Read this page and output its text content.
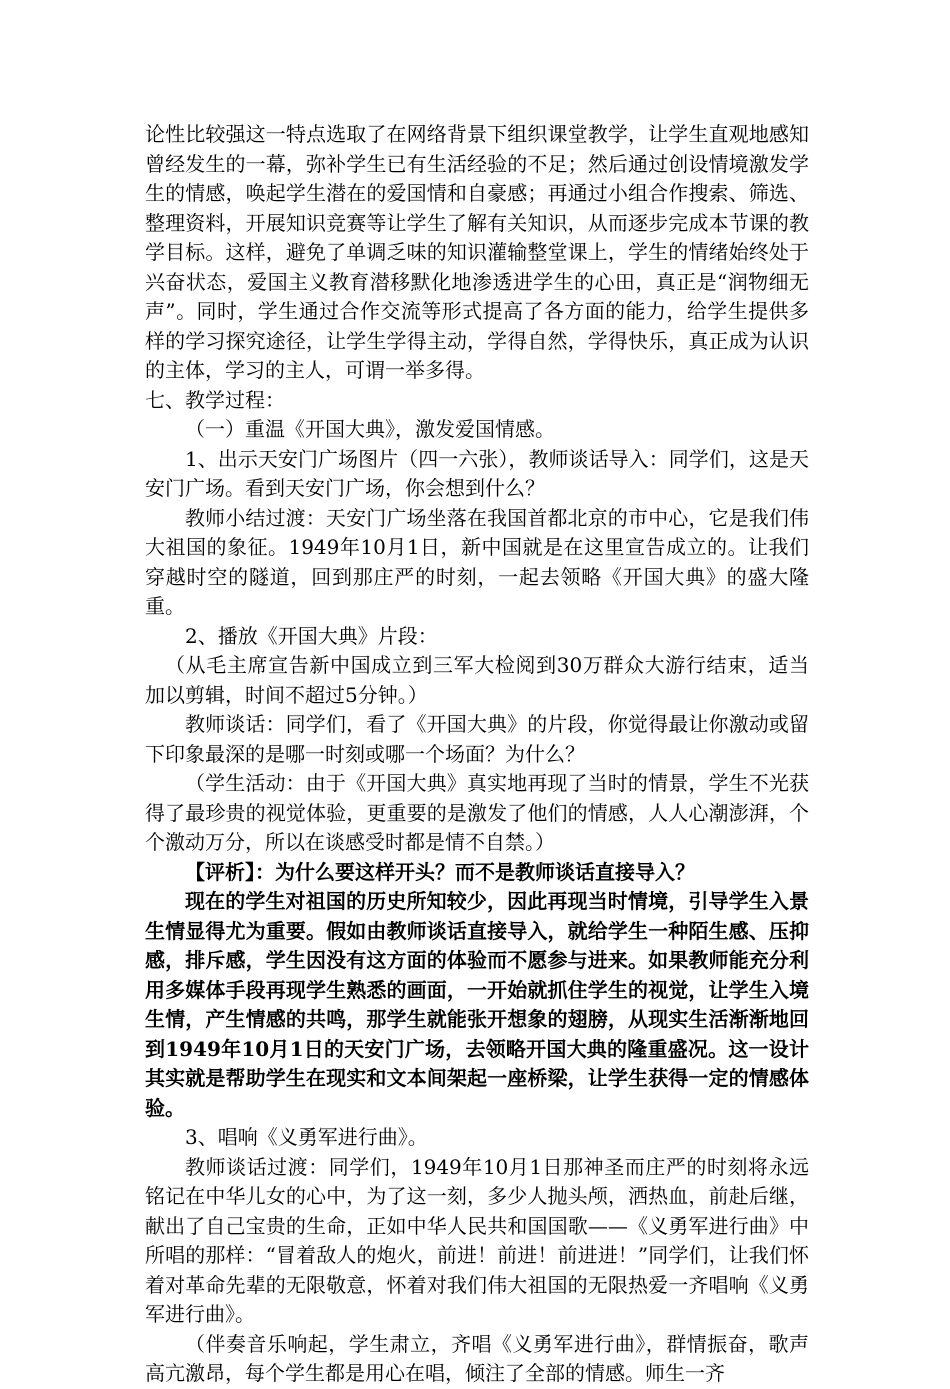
论性比较强这一特点选取了在网络背景下组织课堂教学，让学生直观地感知曾经发生的一幕，弥补学生已有生活经验的不足；然后通过创设情境激发学生的情感，唤起学生潜在的爱国情和自豪感；再通过小组合作搜索、筛选、整理资料，开展知识竞赛等让学生了解有关知识，从而逐步完成本节课的教学目标。这样，避免了单调乏味的知识灌输整堂课上，学生的情绪始终处于兴奋状态，爱国主义教育潜移默化地渗透进学生的心田，真正是“润物细无声”。同时，学生通过合作交流等形式提高了各方面的能力，给学生提供多样的学习探究途径，让学生学得主动，学得自然，学得快乐，真正成为认识的主体，学习的主人，可谓一举多得。

七、教学过程：

（一）重温《开国大典》，激发爱国情感。

1、出示天安门广场图片（四一六张），教师谈话导入：同学们，这是天安门广场。看到天安门广场，你会想到什么？

教师小结过渡：天安门广场坐落在我国首都北京的市中心，它是我们伟大祖国的象征。1949年10月1日，新中国就是在这里宣告成立的。让我们穿越时空的隧道，回到那庄严的时刻，一起去领略《开国大典》的盛大隆重。

2、播放《开国大典》片段：

（从毛主席宣告新中国成立到三军大检阅到30万群众大游行结束，适当加以剪辑，时间不超过5分钟。）

教师谈话：同学们，看了《开国大典》的片段，你觉得最让你激动或留下印象最深的是哪一时刻或哪一个场面？为什么？

（学生活动：由于《开国大典》真实地再现了当时的情景，学生不光获得了最珍贵的视觉体验，更重要的是激发了他们的情感，人人心潮澎湃，个个激动万分，所以在谈感受时都是情不自禁。）

【评析】：为什么要这样开头？而不是教师谈话直接导入？

现在的学生对祖国的历史所知较少，因此再现当时情境，引导学生入景生情显得尤为重要。假如由教师谈话直接导入，就给学生一种陌生感、压抑感，排斥感，学生因没有这方面的体验而不愿参与进来。如果教师能充分利用多媒体手段再现学生熟悉的画面，一开始就抓住学生的视觉，让学生入境生情，产生情感的共鸣，那学生就能张开想象的翅膀，从现实生活渐渐地回到1949年10月1日的天安门广场，去领略开国大典的隆重盛况。这一设计其实就是帮助学生在现实和文本间架起一座桥梁，让学生获得一定的情感体验。

3、唱响《义勇军进行曲》。

教师谈话过渡：同学们，1949年10月1日那神圣而庄严的时刻将永远铭记在中华儿女的心中，为了这一刻，多少人抛头颅，洒热血，前赴后继，献出了自己宝贵的生命，正如中华人民共和国国歌——《义勇军进行曲》中所唱的那样：“冒着敌人的炮火，前进！前进！前进进！”同学们，让我们怀着对革命先辈的无限敬意，怀着对我们伟大祖国的无限热爱一齐唱响《义勇军进行曲》。

（伴奏音乐响起，学生肃立，齐唱《义勇军进行曲》，群情振奋，歌声高亢激昂，每个学生都是用心在唱，倾注了全部的情感。师生一齐
